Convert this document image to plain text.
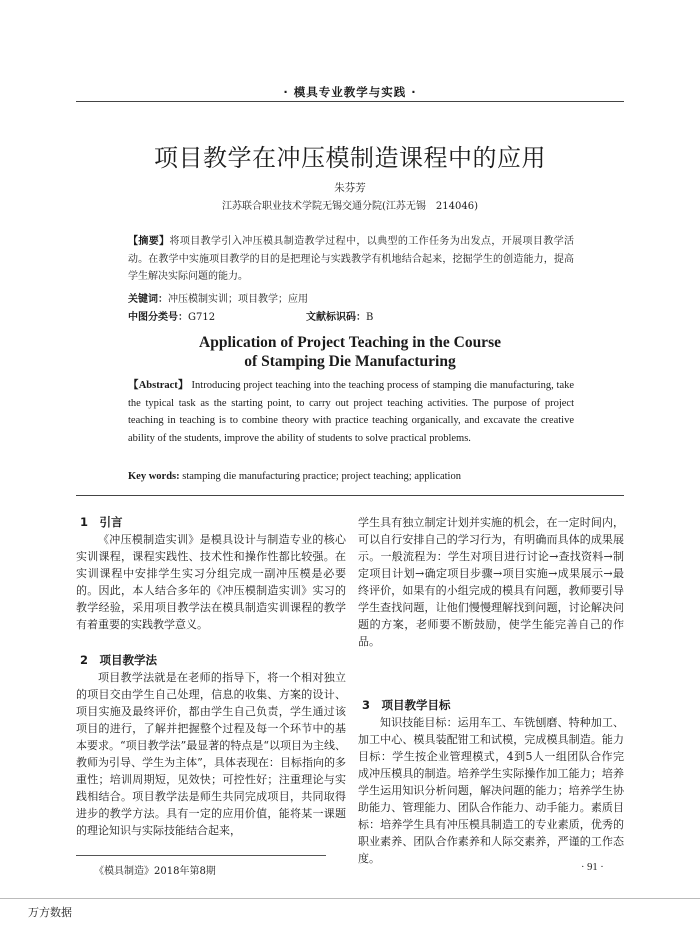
· 模具专业教学与实践 ·
项目教学在冲压模制造课程中的应用
朱芬芳
江苏联合职业技术学院无锡交通分院(江苏无锡　214046)
【摘要】将项目教学引入冲压模具制造教学过程中，以典型的工作任务为出发点，开展项目教学活动。在教学中实施项目教学的目的是把理论与实践教学有机地结合起来，挖掘学生的创造能力，提高学生解决实际问题的能力。
关键词：冲压模制实训；项目教学；应用
中图分类号：G712	文献标识码：B
Application of Project Teaching in the Course
of Stamping Die Manufacturing
【Abstract】 Introducing project teaching into the teaching process of stamping die manufacturing, take the typical task as the starting point, to carry out project teaching activities. The purpose of project teaching in teaching is to combine theory with practice teaching organically, and excavate the creative ability of the students, improve the ability of students to solve practical problems.
Key words: stamping die manufacturing practice; project teaching; application
1　引言

《冲压模制造实训》是模具设计与制造专业的核心实训课程，课程实践性、技术性和操作性都比较强。在实训课程中安排学生实习分组完成一副冲压模是必要的。因此，本人结合多年的《冲压模制造实训》实习的教学经验，采用项目教学法在模具制造实训课程的教学有着重要的实践教学意义。

2　项目教学法

项目教学法就是在老师的指导下，将一个相对独立的项目交由学生自己处理，信息的收集、方案的设计、项目实施及最终评价，都由学生自己负责，学生通过该项目的进行，了解并把握整个过程及每一个环节中的基本要求。“项目教学法”最显著的特点是“以项目为主线、教师为引导、学生为主体”，具体表现在：目标指向的多重性；培训周期短，见效快；可控性好；注重理论与实践相结合。项目教学法是师生共同完成项目，共同取得进步的教学方法。具有一定的应用价值，能将某一课题的理论知识与实际技能结合起来，

学生具有独立制定计划并实施的机会，在一定时间内，可以自行安排自己的学习行为，有明确而具体的成果展示。一般流程为：学生对项目进行讨论→查找资料→制定项目计划→确定项目步骤→项目实施→成果展示→最终评价，如果有的小组完成的模具有问题，教师要引导学生查找问题，让他们慢慢理解找到问题，讨论解决问题的方案，老师要不断鼓励，使学生能完善自己的作品。

3　项目教学目标

知识技能目标：运用车工、车铣刨磨、特种加工、加工中心、模具装配钳工和试模，完成模具制造。能力目标：学生按企业管理模式，4到5人一组团队合作完成冲压模具的制造。培养学生实际操作加工能力；培养学生运用知识分析问题，解决问题的能力；培养学生协助能力、管理能力、团队合作能力、动手能力。素质目标：培养学生具有冲压模具制造工的专业素质，优秀的职业素养、团队合作素养和人际交素养，严谨的工作态度。

《模具制造》2018年第8期	· 91 ·
万方数据
